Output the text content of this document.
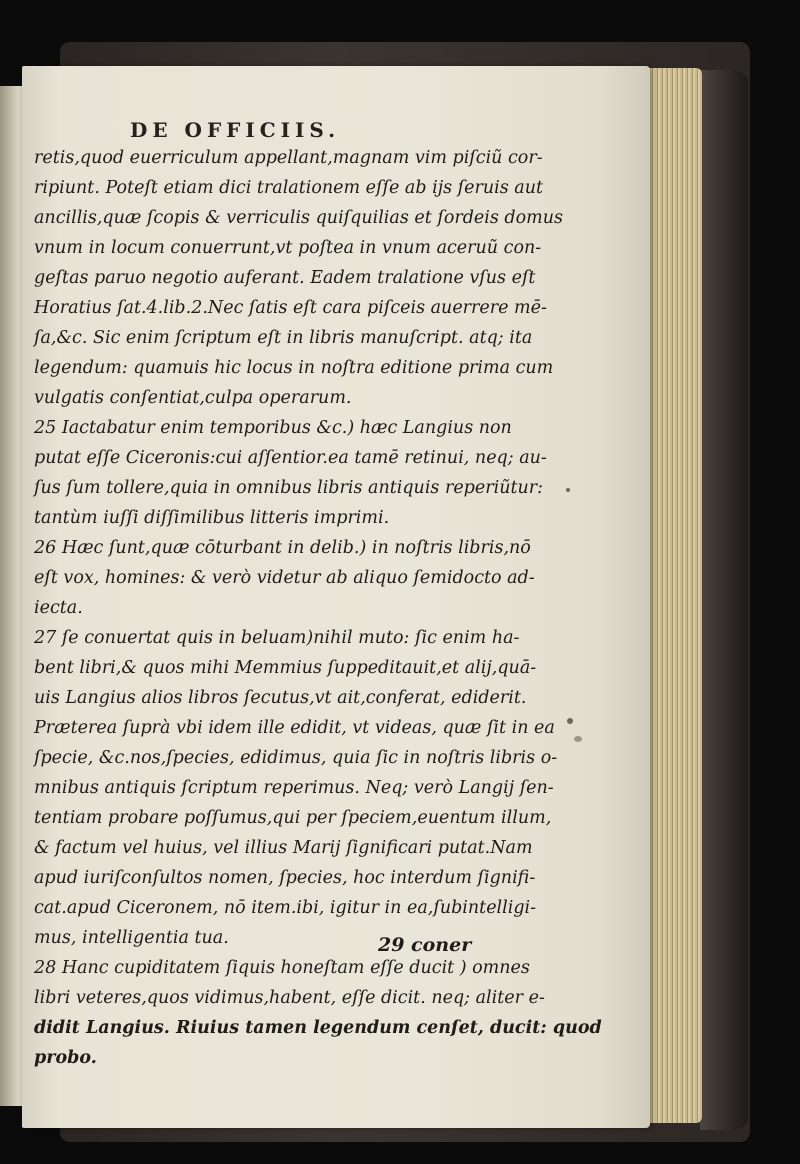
DE OFFICIIS.
retis,quod euerriculum appellant,magnam vim piſciũ cor-
ripiunt. Poteſt etiam dici tralationem eſſe ab ijs ſeruis aut
ancillis,quæ ſcopis & verriculis quiſquilias et ſordeis domus
vnum in locum conuerrunt,vt poſtea in vnum aceruũ con-
geſtas paruo negotio auferant. Eadem tralatione vſus eſt
Horatius ſat.4.lib.2.Nec ſatis eſt cara piſceis auerrere mē-
ſa,&c. Sic enim ſcriptum eſt in libris manuſcript. atq; ita
legendum: quamuis hic locus in noſtra editione prima cum
vulgatis conſentiat,culpa operarum.
25 Iactabatur enim temporibus &c.) hæc Langius non
putat eſſe Ciceronis:cui aſſentior.ea tamē retinui, neq; au-
ſus ſum tollere,quia in omnibus libris antiquis reperiũtur:
tantùm iuſſi diſſimilibus litteris imprimi.
26 Hæc ſunt,quæ cōturbant in delib.) in noſtris libris,nō
eſt vox, homines: & verò videtur ab aliquo ſemidocto ad-
iecta.
27 ſe conuertat quis in beluam)nihil muto: ſic enim ha-
bent libri,& quos mihi Memmius ſuppeditauit,et alij,quā-
uis Langius alios libros ſecutus,vt ait,conferat, ediderit.
Præterea ſuprà vbi idem ille edidit, vt videas, quæ ſit in ea
ſpecie, &c.nos,ſpecies, edidimus, quia ſic in noſtris libris o-
mnibus antiquis ſcriptum reperimus. Neq; verò Langij ſen-
tentiam probare poſſumus,qui per ſpeciem,euentum illum,
& factum vel huius, vel illius Marij ſignificari putat.Nam
apud iuriſconſultos nomen, ſpecies, hoc interdum ſignifi-
cat.apud Ciceronem, nō item.ibi, igitur in ea,ſubintelligi-
mus, intelligentia tua.
28 Hanc cupiditatem ſiquis honeſtam eſſe ducit ) omnes
libri veteres,quos vidimus,habent, eſſe dicit. neq; aliter e-
didit Langius. Riuius tamen legendum cenſet, ducit: quod
probo.
29 coner
